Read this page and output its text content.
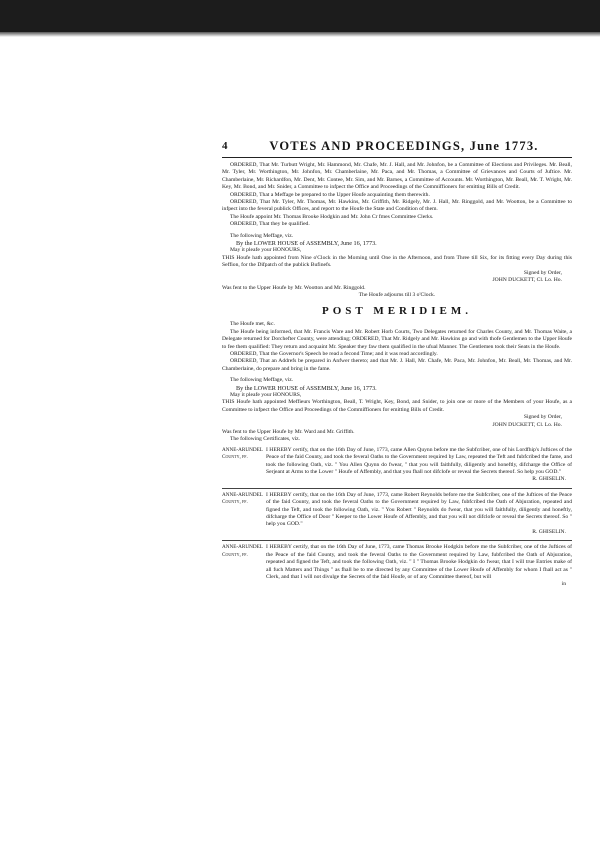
4	VOTES AND PROCEEDINGS, June 1773.

ORDERED, That Mr. Turbutt Wright, Mr. Hammond, Mr. Chafe, Mr. J. Hall, and Mr. Johnfon, be a Committee of Elections and Privileges. Mr. Beall, Mr. Tyler, Mr. Worthington, Mr. Johnfon, Mr. Chamberlaine, Mr. Paca, and Mr. Thomas, a Committee of Grievances and Courts of Juftice. Mr. Chamberlaine, Mr. Richardfon, Mr. Dent, Mr. Contee, Mr. Sim, and Mr. Barnes, a Committee of Accounts. Mr. Worthington, Mr. Beall, Mr. T. Wright, Mr. Key, Mr. Bond, and Mr. Snider, a Committee to infpect the Office and Proceedings of the Commiffioners for emitting Bills of Credit.

ORDERED, That a Meffage be prepared to the Upper Houfe acquainting them therewith.

ORDERED, That Mr. Tyler, Mr. Thomas, Mr. Hawkins, Mr. Griffith, Mr. Ridgely, Mr. J. Hall, Mr. Ringgold, and Mr. Wootton, be a Committee to infpect into the feveral publick Offices, and report to the Houfe the State and Condition of them.

The Houfe appoint Mr. Thomas Brooke Hodgkin and Mr. John Cr fmes Committee Clerks.

ORDERED, That they be qualified.

The following Meffage, viz.

By the LOWER HOUSE of ASSEMBLY, June 16, 1773.

May it pleafe your HONOURS,

THIS Houfe hath appointed from Nine o'Clock in the Morning until One in the Afternoon, and from Three till Six, for its fitting every Day during this Seffion, for the Difpatch of the publick Bufinefs.

Signed by Order,

JOHN DUCKETT, Cl. Lo. Ho.

Was fent to the Upper Houfe by Mr. Wootton and Mr. Ringgold.

The Houfe adjourns till 3 o'Clock.

POST MERIDIEM.

The Houfe met, &c.

The Houfe being informed, that Mr. Francis Ware and Mr. Robert Horb Courts, Two Delegates returned for Charles County, and Mr. Thomas Waite, a Delegate returned for Dorchefter County, were attending; ORDERED, That Mr. Ridgely and Mr. Hawkins go and with thofe Gentlemen to the Upper Houfe to fee them qualified: They return and acquaint Mr. Speaker they faw them qualified in the ufual Manner. The Gentlemen took their Seats in the Houfe.

ORDERED, That the Governor's Speech be read a fecond Time; and it was read accordingly.

ORDERED, That an Addrefs be prepared in Anfwer thereto; and that Mr. J. Hall, Mr. Chafe, Mr. Paca, Mr. Johnfon, Mr. Beall, Mr. Thomas, and Mr. Chamberlaine, do prepare and bring in the fame.

The following Meffage, viz.

By the LOWER HOUSE of ASSEMBLY, June 16, 1773.

May it pleafe your HONOURS,

THIS Houfe hath appointed Meffieurs Worthington, Beall, T. Wright, Key, Bond, and Snider, to join one or more of the Members of your Houfe, as a Committee to infpect the Office and Proceedings of the Commiffioners for emitting Bills of Credit.

Signed by Order,

JOHN DUCKETT, Cl. Lo. Ho.

Was fent to the Upper Houfe by Mr. Ward and Mr. Griffith.

The following Certificates, viz.

ANNE-ARUNDEL County, ff.
I HEREBY certify, that on the 16th Day of June, 1773, came Allen Quynn before me the Subfcriber, one of his Lordfhip's Juftices of the Peace of the faid County, and took the feveral Oaths to the Government required by Law, repeated the Teft and fubfcribed the fame, and took the following Oath, viz. " You Allen Quynn do fwear, " that you will faithfully, diligently and honeftly, difcharge the Office of Serjeant at Arms to the Lower " Houfe of Affembly, and that you fhall not difclofe or reveal the Secrets thereof. So help you GOD."
R. GHISELIN.
ANNE-ARUNDEL County, ff.
I HEREBY certify, that on the 16th Day of June, 1773, came Robert Reynolds before me the Subfcriber, one of the Juftices of the Peace of the faid County, and took the feveral Oaths to the Government required by Law, fubfcribed the Oath of Abjuration, repeated and figned the Teft, and took the following Oath, viz. " You Robert " Reynolds do fwear, that you will faithfully, diligently and honeftly, difcharge the Office of Door " Keeper to the Lower Houfe of Affembly, and that you will not difclofe or reveal the Secrets thereof. So " help you GOD."
R. GHISELIN.
ANNE-ARUNDEL County, ff.
I HEREBY certify, that on the 16th Day of June, 1773, came Thomas Brooke Hodgkin before me the Subfcriber, one of the Juftices of the Peace of the faid County, and took the feveral Oaths to the Government required by Law, fubfcribed the Oath of Abjuration, repeated and figned the Teft, and took the following Oath, viz. " I " Thomas Brooke Hodgkin do fwear, that I will true Entries make of all fuch Matters and Things " as fhall be to me directed by any Committee of the Lower Houfe of Affembly for whom I fhall act as " Clerk, and that I will not divulge the Secrets of the faid Houfe, or of any Committee thereof, but will
in
